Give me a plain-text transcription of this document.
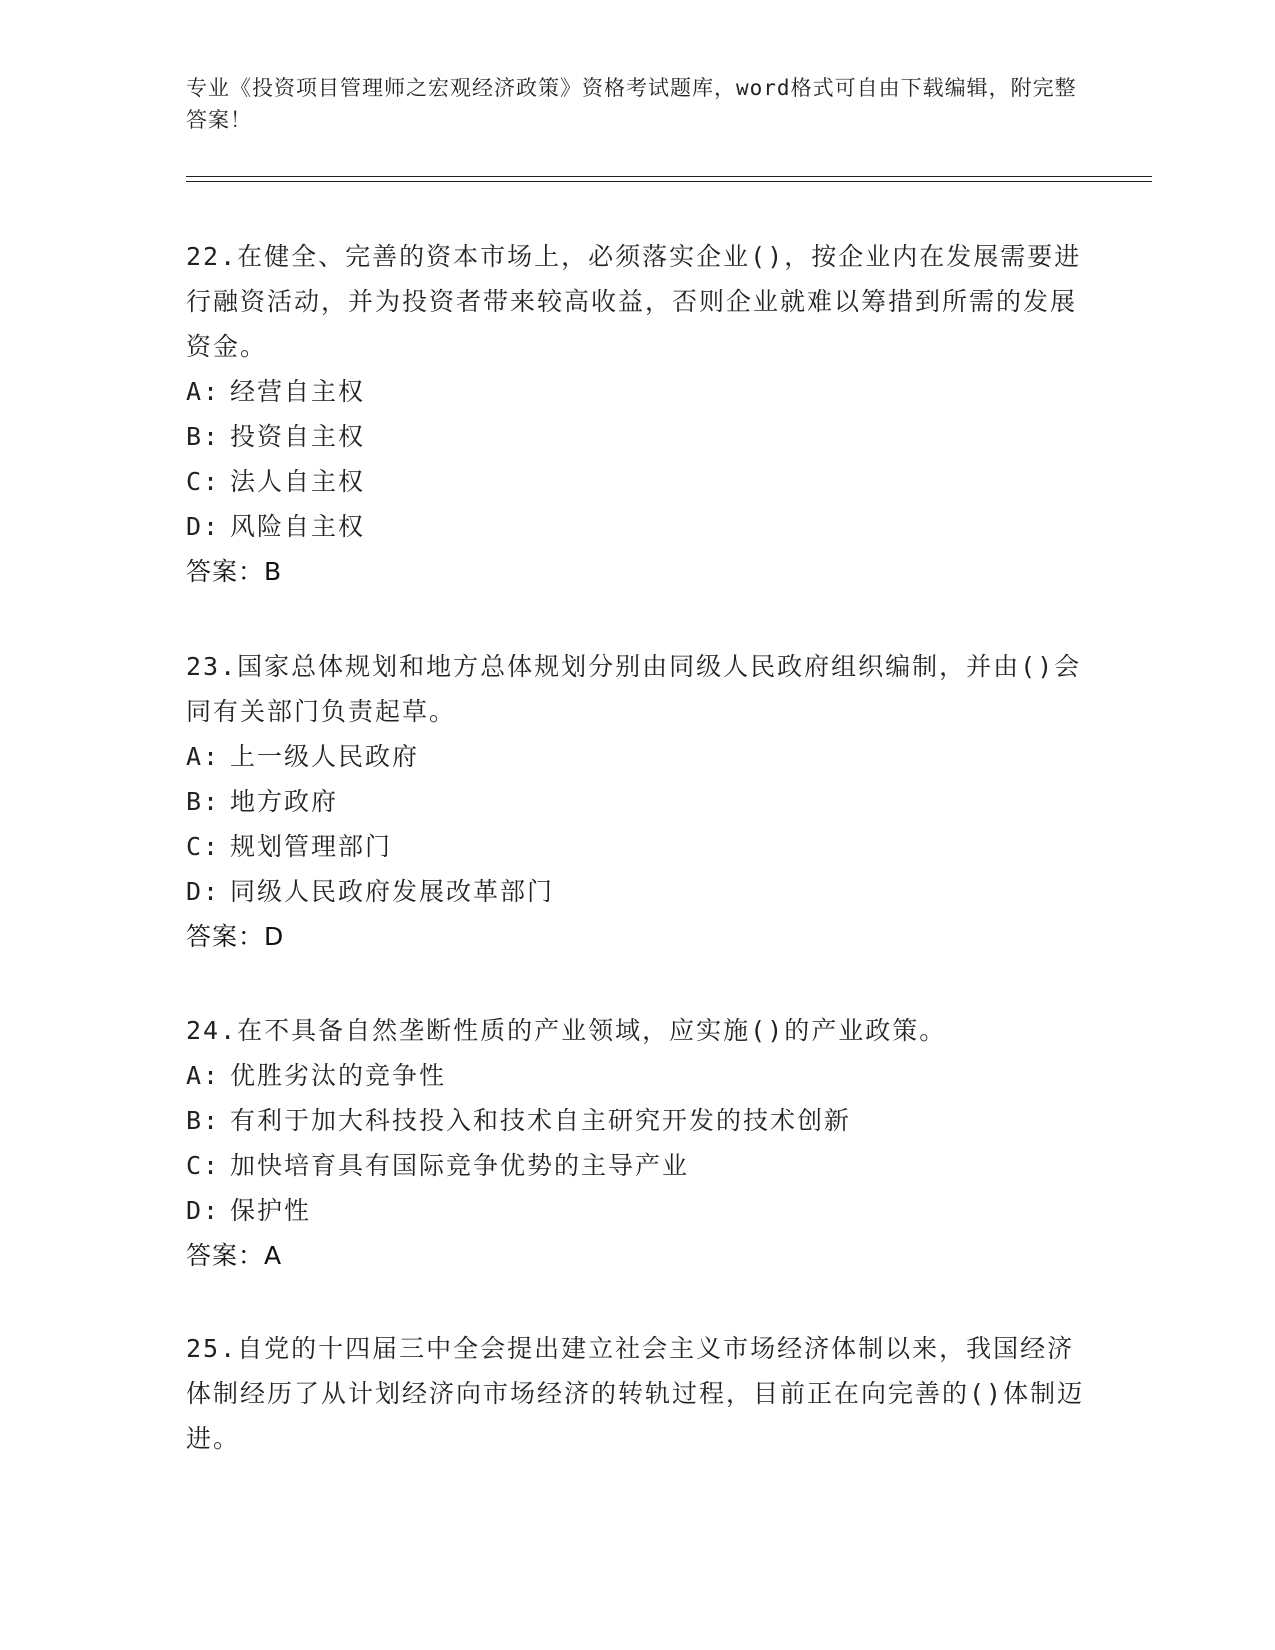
专业《投资项目管理师之宏观经济政策》资格考试题库，word格式可自由下载编辑，附完整答案！

22.在健全、完善的资本市场上，必须落实企业()，按企业内在发展需要进行融资活动，并为投资者带来较高收益，否则企业就难以筹措到所需的发展资金。

A: 经营自主权

B: 投资自主权

C: 法人自主权

D: 风险自主权

答案：B

23.国家总体规划和地方总体规划分别由同级人民政府组织编制，并由()会同有关部门负责起草。

A: 上一级人民政府

B: 地方政府

C: 规划管理部门

D: 同级人民政府发展改革部门

答案：D

24.在不具备自然垄断性质的产业领域，应实施()的产业政策。

A: 优胜劣汰的竞争性

B: 有利于加大科技投入和技术自主研究开发的技术创新

C: 加快培育具有国际竞争优势的主导产业

D: 保护性

答案：A

25.自党的十四届三中全会提出建立社会主义市场经济体制以来，我国经济体制经历了从计划经济向市场经济的转轨过程，目前正在向完善的()体制迈进。
